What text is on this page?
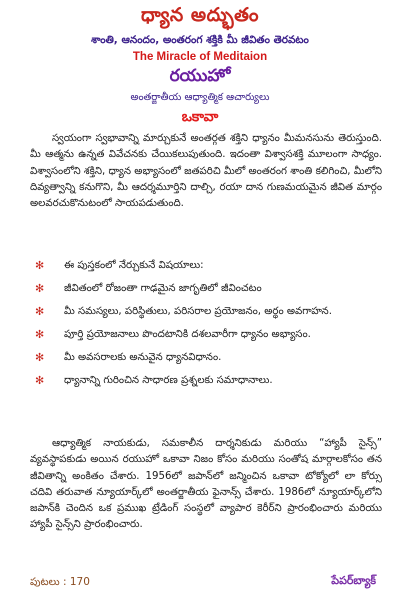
ధ్యాన అద్భుతం
శాంతి, ఆనందం, అంతరంగ శక్తికి మీ జీవితం తెరవటం
The Miracle of Meditaion
రయుహో
అంతర్జాతీయ ఆధ్యాత్మిక ఆచార్యులు
ఒకావా
స్వయంగా స్వభావాన్ని మార్చుకునే అంతర్గత శక్తిని ధ్యానం మీమనసును తెరుస్తుంది. మీ ఆత్మను ఉన్నత వివేచనకు చేయికలుపుతుంది. ఇదంతా విశ్వాసశక్తి మూలంగా సాధ్యం. విశ్వాసంలోని శక్తిని, ధ్యాన అభ్యాసంలో జతపరిచి మీలో అంతరంగ శాంతి కలిగించి, మీలోని దివ్యత్వాన్ని కనుగొని, మీ ఆదర్శమూర్తిని దాల్చి, రయా దాన గుణమయమైన జీవిత మార్గం అలవరచుకొనుటంలో సాయపడుతుంది.
✻ ఈ పుస్తకంలో నేర్చుకునే విషయాలు:
✻ జీవితంలో రోజంతా గాఢమైన జాగృతిలో జీవించటం
✻ మీ సమస్యలు, పరిస్థితులు, పరిసరాల ప్రయోజనం, అర్థం అవగాహన.
✻ పూర్తి ప్రయోజనాలు పొందటానికి దశలవారీగా ధ్యానం అభ్యాసం.
✻ మీ అవసరాలకు అనువైన ధ్యానవిధానం.
✻ ధ్యానాన్ని గురించిన సాధారణ ప్రశ్నలకు సమాధానాలు.
ఆధ్యాత్మిక నాయకుడు, సమకాలీన దార్శనికుడు మరియు “హ్యాపీ సైన్స్” వ్యవస్థాపకుడు అయిన రయుహో ఒకావా నిజం కోసం మరియు సంతోష మార్గాలకోసం తన జీవితాన్ని అంకితం చేశారు. 1956లో జపాన్‌లో జన్మించిన ఒకావా టోక్యోలో లా కోర్సు చదివి తరువాత న్యూయార్క్‌లో అంతర్జాతీయ ఫైనాన్స్ చేశారు. 1986లో న్యూయార్క్‌లోని జపాన్‌కి చెందిన ఒక ప్రముఖ ట్రేడింగ్ సంస్థలో వ్యాపార కెరీర్‌ని ప్రారంభించారు మరియు హ్యాపీ సైన్స్‌ని ప్రారంభించారు.
పుటలు : 170	పేపర్‌బ్యాక్
